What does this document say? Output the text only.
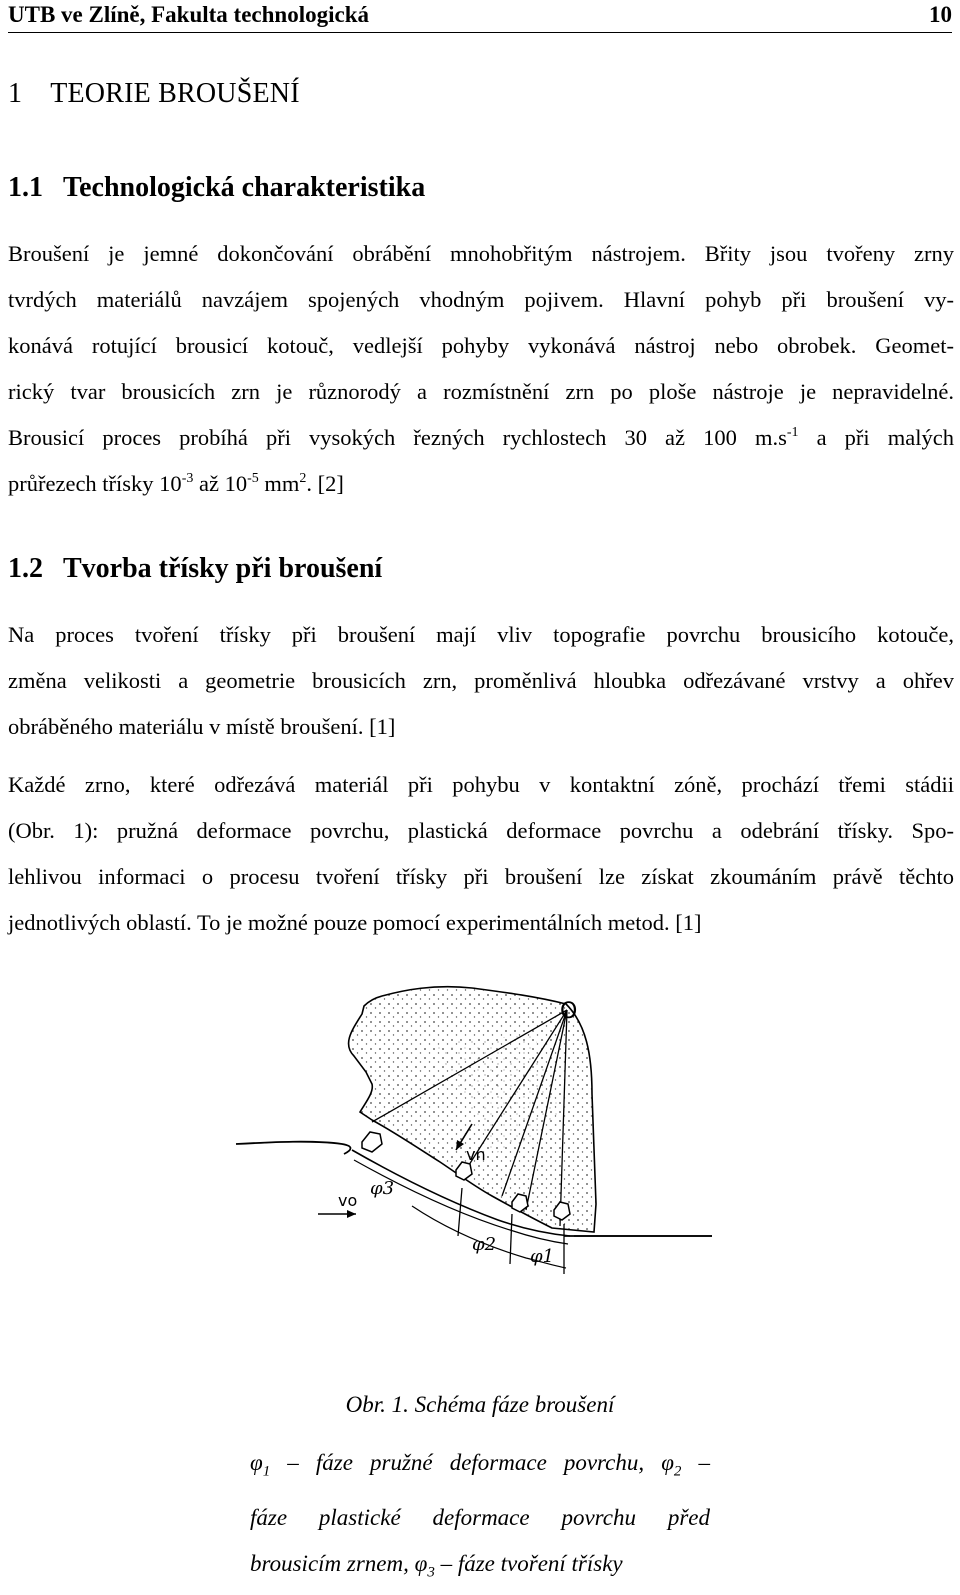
UTB ve Zlíně, Fakulta technologická	10
1 TEORIE BROUŠENÍ
1.1 Technologická charakteristika
Broušení je jemné dokončování obrábění mnohobřitým nástrojem. Břity jsou tvořeny zrny
tvrdých materiálů navzájem spojených vhodným pojivem. Hlavní pohyb při broušení vy-
konává rotující brousicí kotouč, vedlejší pohyby vykonává nástroj nebo obrobek. Geomet-
rický tvar brousicích zrn je různorodý a rozmístnění zrn po ploše nástroje je nepravidelné.
Brousicí proces probíhá při vysokých řezných rychlostech 30 až 100 $m.s^{-1}$ a při malých
průřezech třísky $10^{-3}$ až $10^{-5}$ $mm^2$. [2]
1.2 Tvorba třísky při broušení
Na proces tvoření třísky při broušení mají vliv topografie povrchu brousicího kotouče,
změna velikosti a geometrie brousicích zrn, proměnlivá hloubka odřezávané vrstvy a ohřev
obráběného materiálu v místě broušení. [1]
Každé zrno, které odřezává materiál při pohybu v kontaktní zóně, prochází třemi stádii
(Obr. 1): pružná deformace povrchu, plastická deformace povrchu a odebrání třísky. Spo-
lehlivou informaci o procesu tvoření třísky při broušení lze získat zkoumáním právě těchto
jednotlivých oblastí. To je možné pouze pomocí experimentálních metod. [1]
O
vn
vo
φ3
φ2
φ1
Obr. 1. Schéma fáze broušení
$\varphi_1$ – fáze pružné deformace povrchu, $\varphi_2$ –
fáze plastické deformace povrchu před
brousicím zrnem, $\varphi_3$ – fáze tvoření třísky
